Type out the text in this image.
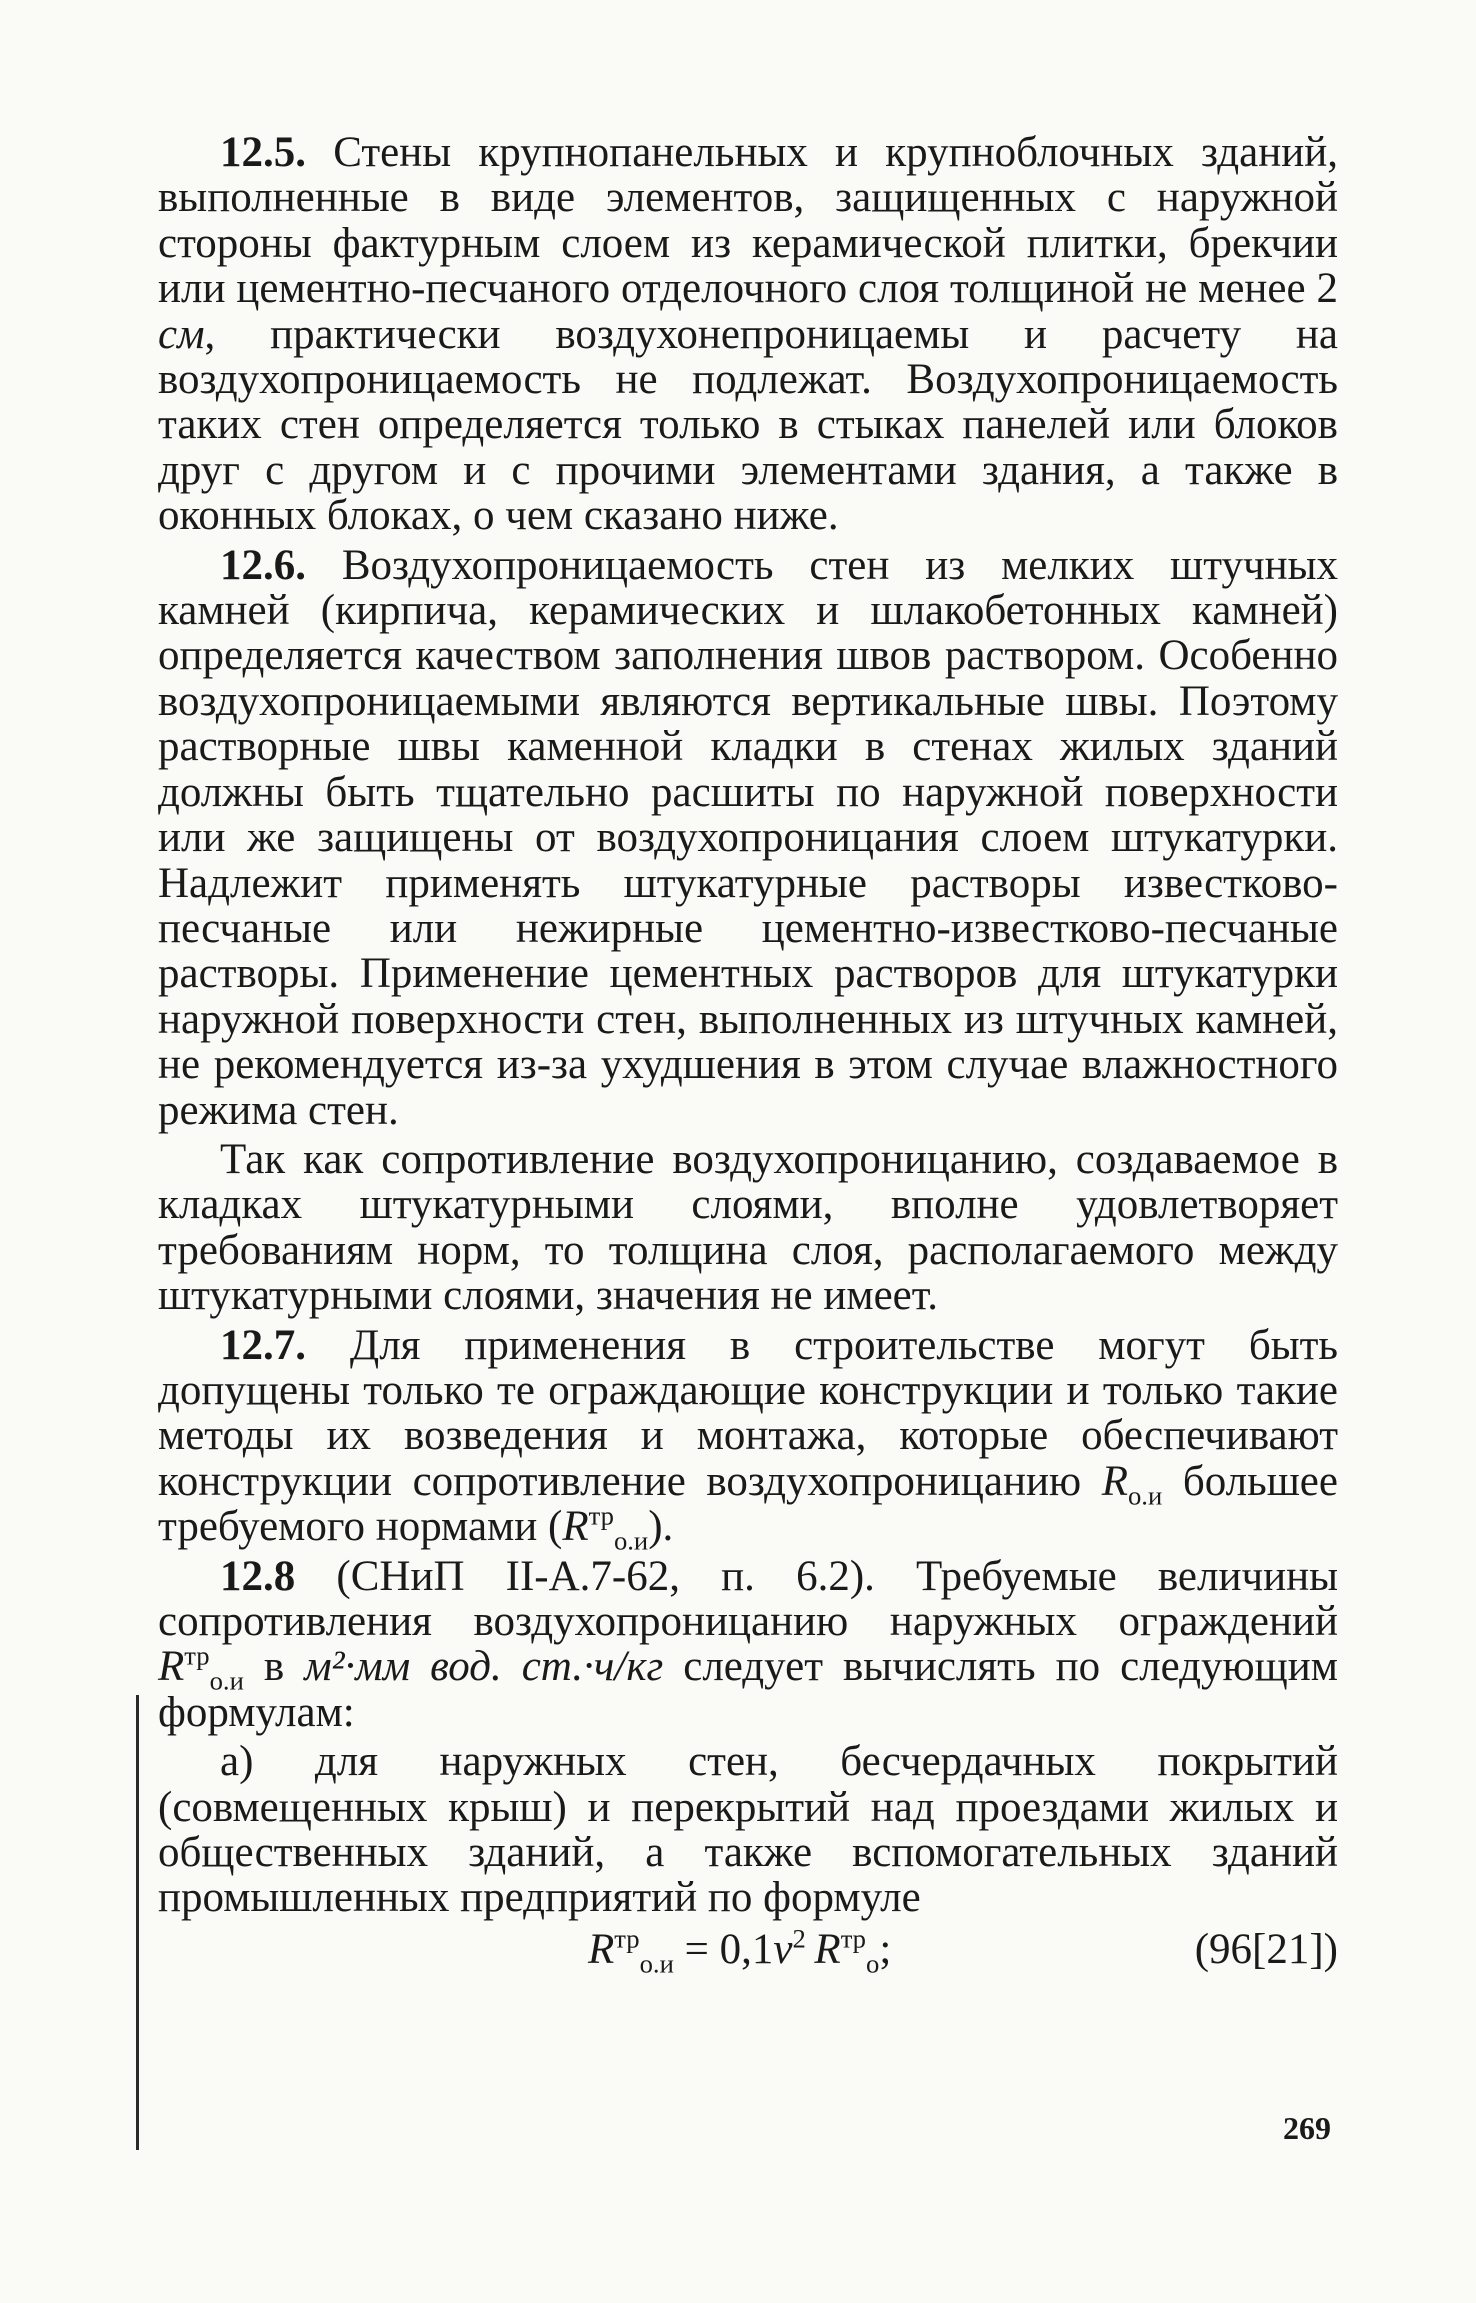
12.5. Стены крупнопанельных и крупноблочных зданий, выполненные в виде элементов, защищенных с наружной стороны фактурным слоем из керамической плитки, брекчии или цементно-песчаного отделочного слоя толщиной не менее 2 см, практически воздухонепроницаемы и расчету на воздухопроницаемость не подлежат. Воздухопроницаемость таких стен определяется только в стыках панелей или блоков друг с другом и с прочими элементами здания, а также в оконных блоках, о чем сказано ниже.

12.6. Воздухопроницаемость стен из мелких штучных камней (кирпича, керамических и шлакобетонных камней) определяется качеством заполнения швов раствором. Особенно воздухопроницаемыми являются вертикальные швы. Поэтому растворные швы каменной кладки в стенах жилых зданий должны быть тщательно расшиты по наружной поверхности или же защищены от воздухопроницания слоем штукатурки. Надлежит применять штукатурные растворы известково-песчаные или нежирные цементно-известково-песчаные растворы. Применение цементных растворов для штукатурки наружной поверхности стен, выполненных из штучных камней, не рекомендуется из-за ухудшения в этом случае влажностного режима стен.

Так как сопротивление воздухопроницанию, создаваемое в кладках штукатурными слоями, вполне удовлетворяет требованиям норм, то толщина слоя, располагаемого между штукатурными слоями, значения не имеет.

12.7. Для применения в строительстве могут быть допущены только те ограждающие конструкции и только такие методы их возведения и монтажа, которые обеспечивают конструкции сопротивление воздухопроницанию $R_{о.и}$ большее требуемого нормами $(R^{тр}_{о.и})$.

12.8 (СНиП II-А.7-62, п. 6.2). Требуемые величины сопротивления воздухопроницанию наружных ограждений $R^{тр}_{о.и}$ в м²·мм вод. ст.·ч/кг следует вычислять по следующим формулам:

а) для наружных стен, бесчердачных покрытий (совмещенных крыш) и перекрытий над проездами жилых и общественных зданий, а также вспомогательных зданий промышленных предприятий по формуле

$R^{тр}_{о.и} = 0,1v^2$  $R^{тр}_о$;	(96[21])
269
